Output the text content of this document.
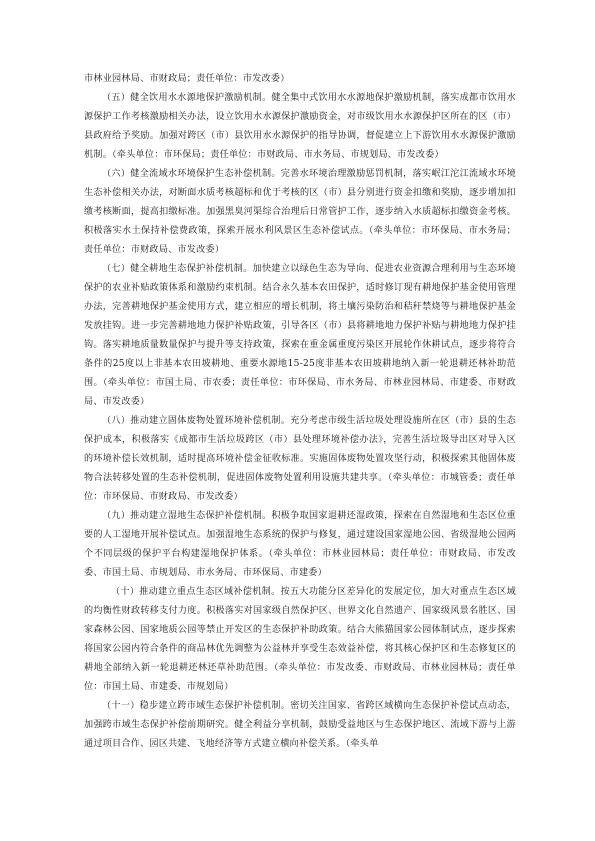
市林业园林局、市财政局；责任单位：市发改委）

（五）健全饮用水水源地保护激励机制。健全集中式饮用水水源地保护激励机制，落实成都市饮用水源保护工作考核激励相关办法，设立饮用水水源保护激励资金，对市级饮用水水源保护区所在的区（市）县政府给予奖励。加强对跨区（市）县饮用水水源保护的指导协调，督促建立上下游饮用水水源保护激励机制。（牵头单位：市环保局；责任单位：市财政局、市水务局、市规划局、市发改委）

（六）健全流域水环境保护生态补偿机制。完善水环境治理激励惩罚机制，落实岷江沱江流域水环境生态补偿相关办法，对断面水质考核超标和优于考核的区（市）县分别进行资金扣缴和奖励，逐步增加扣缴考核断面，提高扣缴标准。加强黑臭河渠综合治理后日常管护工作，逐步纳入水质超标扣缴资金考核。积极落实水土保持补偿费政策，探索开展水利风景区生态补偿试点。（牵头单位：市环保局、市水务局；责任单位：市财政局、市发改委）

（七）健全耕地生态保护补偿机制。加快建立以绿色生态为导向、促进农业资源合理利用与生态环境保护的农业补贴政策体系和激励约束机制。结合永久基本农田保护，适时修订现有耕地保护基金使用管理办法，完善耕地保护基金使用方式，建立相应的增长机制，将土壤污染防治和秸秆禁烧等与耕地保护基金发放挂钩。进一步完善耕地地力保护补贴政策，引导各区（市）县将耕地地力保护补贴与耕地地力保护挂钩。落实耕地质量数量保护与提升等支持政策，探索在重金属重度污染区开展轮作休耕试点，逐步将符合条件的25度以上非基本农田坡耕地、重要水源地15-25度非基本农田坡耕地纳入新一轮退耕还林补助范围。（牵头单位：市国土局、市农委；责任单位：市环保局、市水务局、市林业园林局、市建委、市财政局、市发改委）

（八）推动建立固体废物处置环境补偿机制。充分考虑市级生活垃圾处理设施所在区（市）县的生态保护成本，积极落实《成都市生活垃圾跨区（市）县处理环境补偿办法》，完善生活垃圾导出区对导入区的环境补偿长效机制，适时提高环境补偿金征收标准。实施固体废物处置攻坚行动，积极探索其他固体废物合法转移处置的生态补偿机制，促进固体废物处置利用设施共建共享。（牵头单位：市城管委；责任单位：市环保局、市财政局、市发改委）

（九）推动建立湿地生态保护补偿机制。积极争取国家退耕还湿政策，探索在自然湿地和生态区位重要的人工湿地开展补偿试点。加强湿地生态系统的保护与修复，通过建设国家湿地公园、省级湿地公园两个不同层级的保护平台构建湿地保护体系。（牵头单位：市林业园林局；责任单位：市财政局、市发改委、市国土局、市规划局、市水务局、市环保局、市建委）

（十）推动建立重点生态区域补偿机制。按五大功能分区差异化的发展定位，加大对重点生态区域的均衡性财政转移支付力度。积极落实对国家级自然保护区、世界文化自然遗产、国家级风景名胜区、国家森林公园、国家地质公园等禁止开发区的生态保护补助政策。结合大熊猫国家公园体制试点，逐步探索将国家公园内符合条件的商品林优先调整为公益林并享受生态效益补偿，将其核心保护区和生态修复区的耕地全部纳入新一轮退耕还林还草补助范围。（牵头单位：市发改委、市财政局、市林业园林局；责任单位：市国土局、市建委、市规划局）

（十一）稳步建立跨市域生态保护补偿机制。密切关注国家、省跨区域横向生态保护补偿试点动态，加强跨市域生态保护补偿前期研究。健全利益分享机制，鼓励受益地区与生态保护地区、流域下游与上游通过项目合作、园区共建、飞地经济等方式建立横向补偿关系。（牵头单
